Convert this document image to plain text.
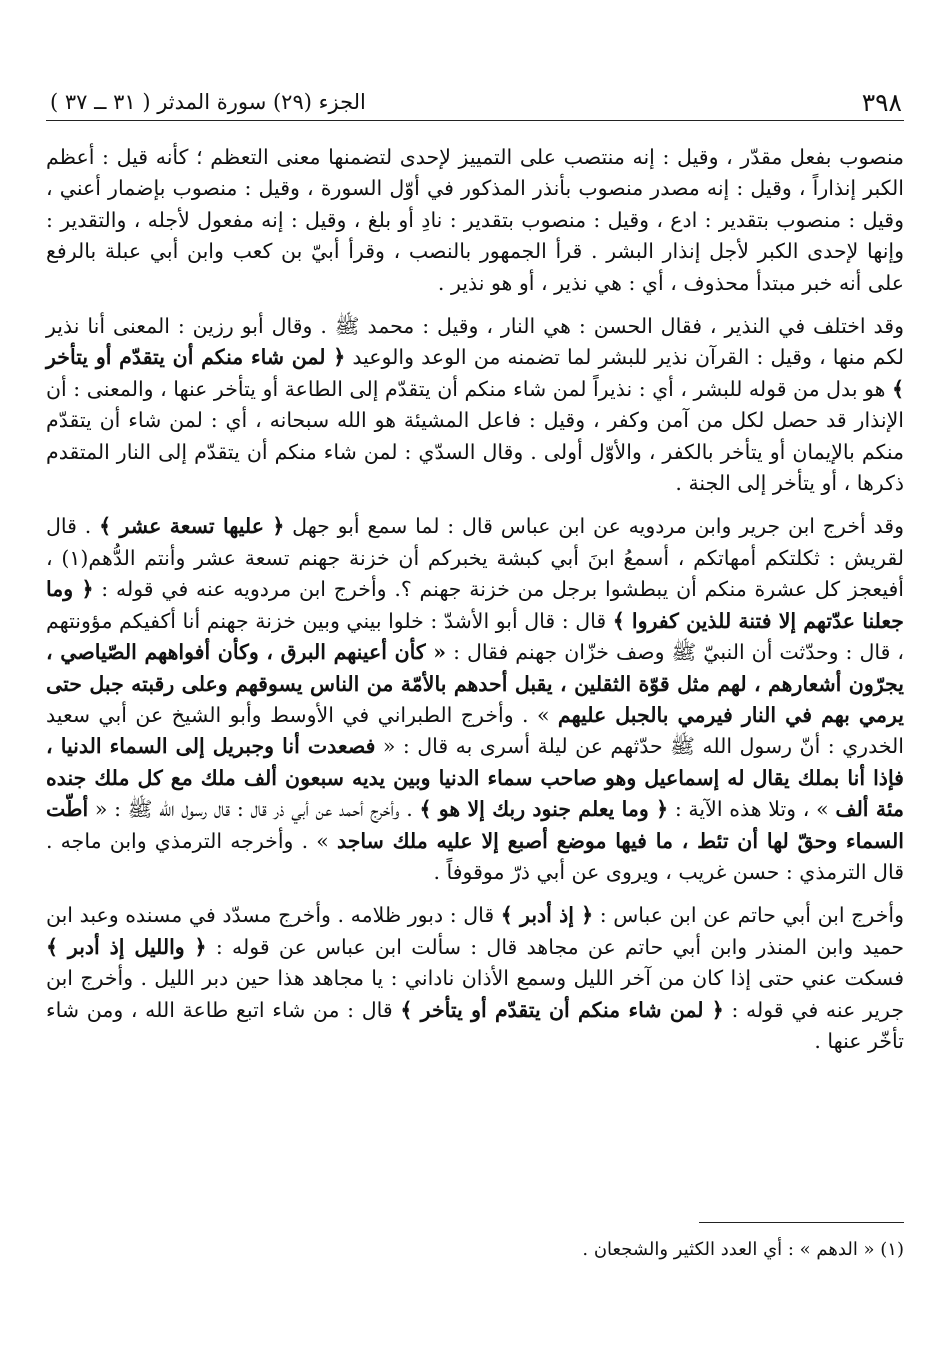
٣٩٨
الجزء (٢٩) سورة المدثر ( ٣١ ــ ٣٧ )
منصوب بفعل مقدّر ، وقيل : إنه منتصب على التمييز لإحدى لتضمنها معنى التعظم ؛ كأنه قيل : أعظم الكبر إنذاراً ، وقيل : إنه مصدر منصوب بأنذر المذكور في أوّل السورة ، وقيل : منصوب بإضمار أعني ، وقيل : منصوب بتقدير : ادع ، وقيل : منصوب بتقدير : نادِ أو بلغ ، وقيل : إنه مفعول لأجله ، والتقدير : وإنها لإحدى الكبر لأجل إنذار البشر . قرأ الجمهور بالنصب ، وقرأ أبيّ بن كعب وابن أبي عبلة بالرفع على أنه خبر مبتدأ محذوف ، أي : هي نذير ، أو هو نذير .
وقد اختلف في النذير ، فقال الحسن : هي النار ، وقيل : محمد ﷺ . وقال أبو رزين : المعنى أنا نذير لكم منها ، وقيل : القرآن نذير للبشر لما تضمنه من الوعد والوعيد ﴿ لمن شاء منكم أن يتقدّم أو يتأخر ﴾ هو بدل من قوله للبشر ، أي : نذيراً لمن شاء منكم أن يتقدّم إلى الطاعة أو يتأخر عنها ، والمعنى : أن الإنذار قد حصل لكل من آمن وكفر ، وقيل : فاعل المشيئة هو الله سبحانه ، أي : لمن شاء أن يتقدّم منكم بالإيمان أو يتأخر بالكفر ، والأوّل أولى . وقال السدّي : لمن شاء منكم أن يتقدّم إلى النار المتقدم ذكرها ، أو يتأخر إلى الجنة .
وقد أخرج ابن جرير وابن مردويه عن ابن عباس قال : لما سمع أبو جهل ﴿ عليها تسعة عشر ﴾ . قال لقريش : ثكلتكم أمهاتكم ، أسمعُ ابنَ أبي كبشة يخبركم أن خزنة جهنم تسعة عشر وأنتم الدُّهم(١) ، أفيعجز كل عشرة منكم أن يبطشوا برجل من خزنة جهنم ؟. وأخرج ابن مردويه عنه في قوله : ﴿ وما جعلنا عدّتهم إلا فتنة للذين كفروا ﴾ قال : قال أبو الأشدّ : خلوا بيني وبين خزنة جهنم أنا أكفيكم مؤونتهم ، قال : وحدّثت أن النبيّ ﷺ وصف خزّان جهنم فقال : « كأن أعينهم البرق ، وكأن أفواههم الصّياصي ، يجرّون أشعارهم ، لهم مثل قوّة الثقلين ، يقبل أحدهم بالأمّة من الناس يسوقهم وعلى رقبته جبل حتى يرمي بهم في النار فيرمي بالجبل عليهم » . وأخرج الطبراني في الأوسط وأبو الشيخ عن أبي سعيد الخدري : أنّ رسول الله ﷺ حدّثهم عن ليلة أسرى به قال : « فصعدت أنا وجبريل إلى السماء الدنيا ، فإذا أنا بملك يقال له إسماعيل وهو صاحب سماء الدنيا وبين يديه سبعون ألف ملك مع كل ملك جنده مئة ألف » ، وتلا هذه الآية : ﴿ وما يعلم جنود ربك إلا هو ﴾ . وأخرج أحمد عن أبي ذر قال : قال رسول الله ﷺ : « أطّت السماء وحقّ لها أن تئط ، ما فيها موضع أصبع إلا عليه ملك ساجد » . وأخرجه الترمذي وابن ماجه . قال الترمذي : حسن غريب ، ويروى عن أبي ذرّ موقوفاً .
وأخرج ابن أبي حاتم عن ابن عباس : ﴿ إذ أدبر ﴾ قال : دبور ظلامه . وأخرج مسدّد في مسنده وعبد ابن حميد وابن المنذر وابن أبي حاتم عن مجاهد قال : سألت ابن عباس عن قوله : ﴿ والليل إذ أدبر ﴾ فسكت عني حتى إذا كان من آخر الليل وسمع الأذان ناداني : يا مجاهد هذا حين دبر الليل . وأخرج ابن جرير عنه في قوله : ﴿ لمن شاء منكم أن يتقدّم أو يتأخر ﴾ قال : من شاء اتبع طاعة الله ، ومن شاء تأخّر عنها .
(١) « الدهم » : أي العدد الكثير والشجعان .
